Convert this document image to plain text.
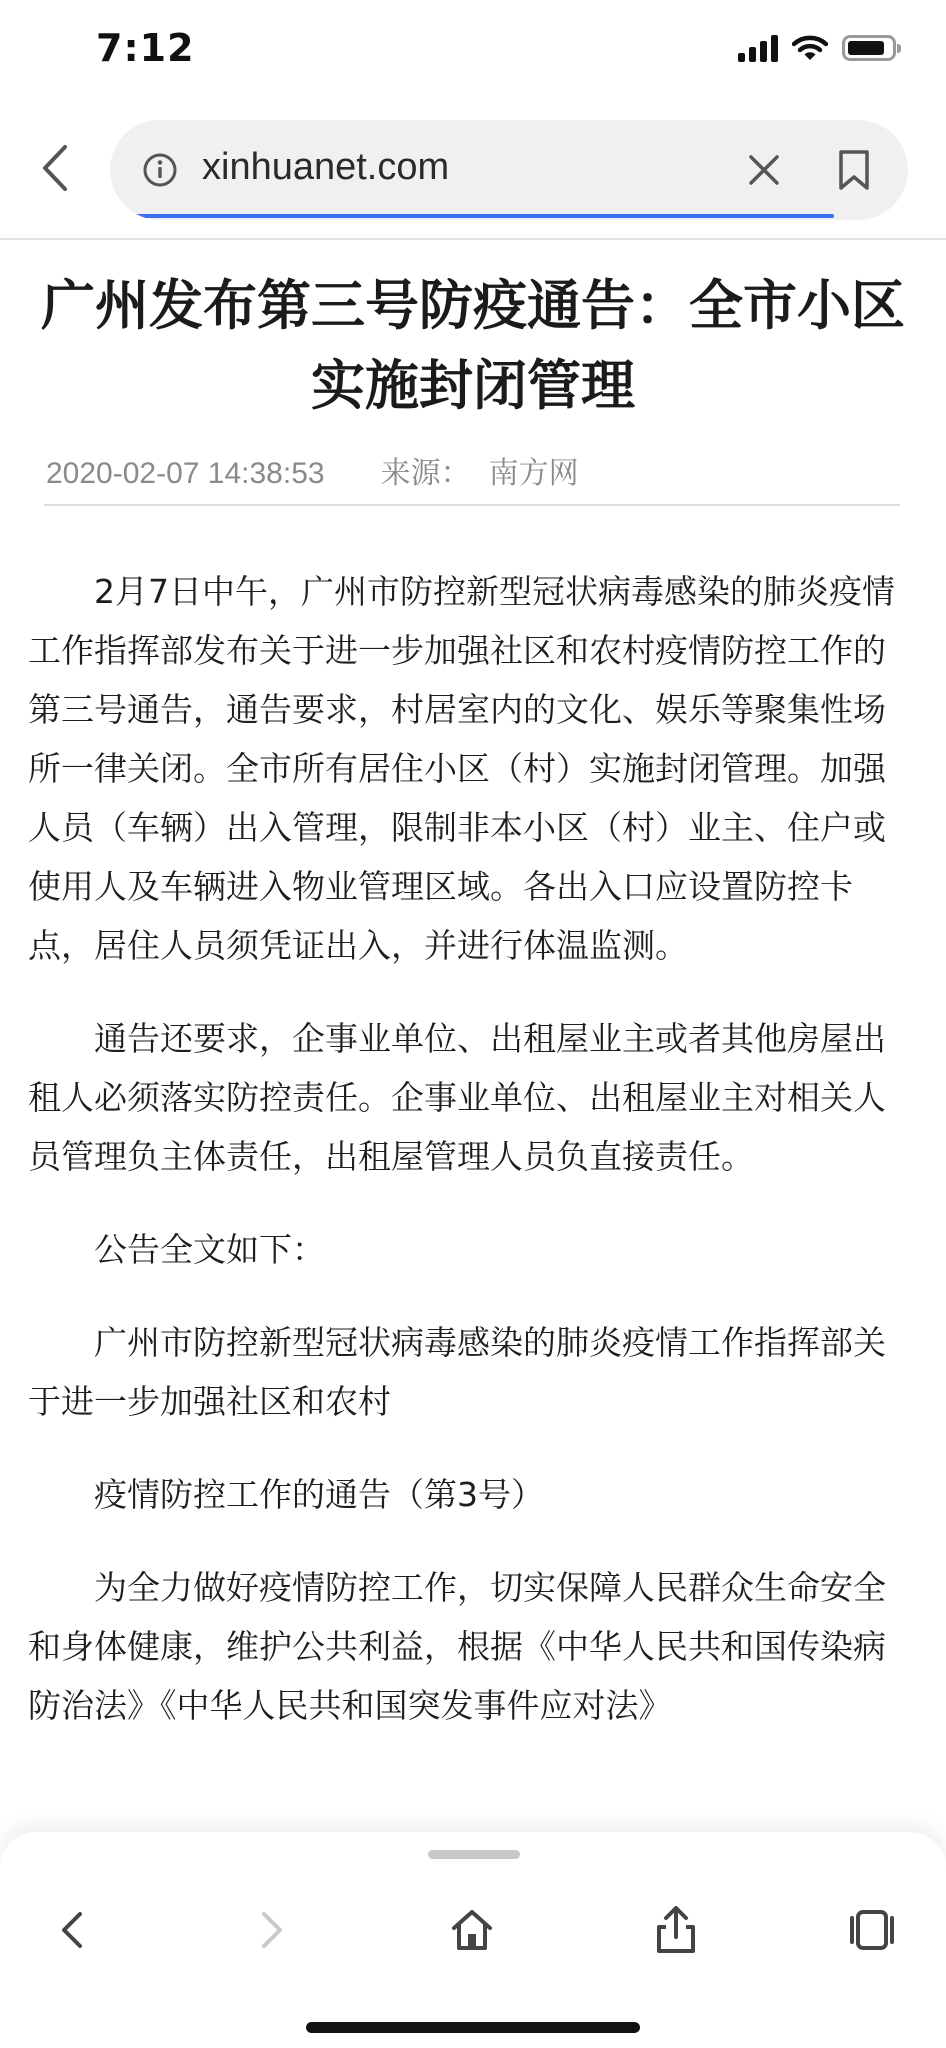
7:12
xinhuanet.com
广州发布第三号防疫通告：全市小区实施封闭管理
2020-02-07 14:38:53 来源： 南方网

2月7日中午，广州市防控新型冠状病毒感染的肺炎疫情工作指挥部发布关于进一步加强社区和农村疫情防控工作的第三号通告，通告要求，村居室内的文化、娱乐等聚集性场所一律关闭。全市所有居住小区（村）实施封闭管理。加强人员（车辆）出入管理，限制非本小区（村）业主、住户或使用人及车辆进入物业管理区域。各出入口应设置防控卡点，居住人员须凭证出入，并进行体温监测。

通告还要求，企事业单位、出租屋业主或者其他房屋出租人必须落实防控责任。企事业单位、出租屋业主对相关人员管理负主体责任，出租屋管理人员负直接责任。

公告全文如下：

广州市防控新型冠状病毒感染的肺炎疫情工作指挥部关于进一步加强社区和农村

疫情防控工作的通告（第3号）

为全力做好疫情防控工作，切实保障人民群众生命安全和身体健康，维护公共利益，根据《中华人民共和国传染病防治法》《中华人民共和国突发事件应对法》
